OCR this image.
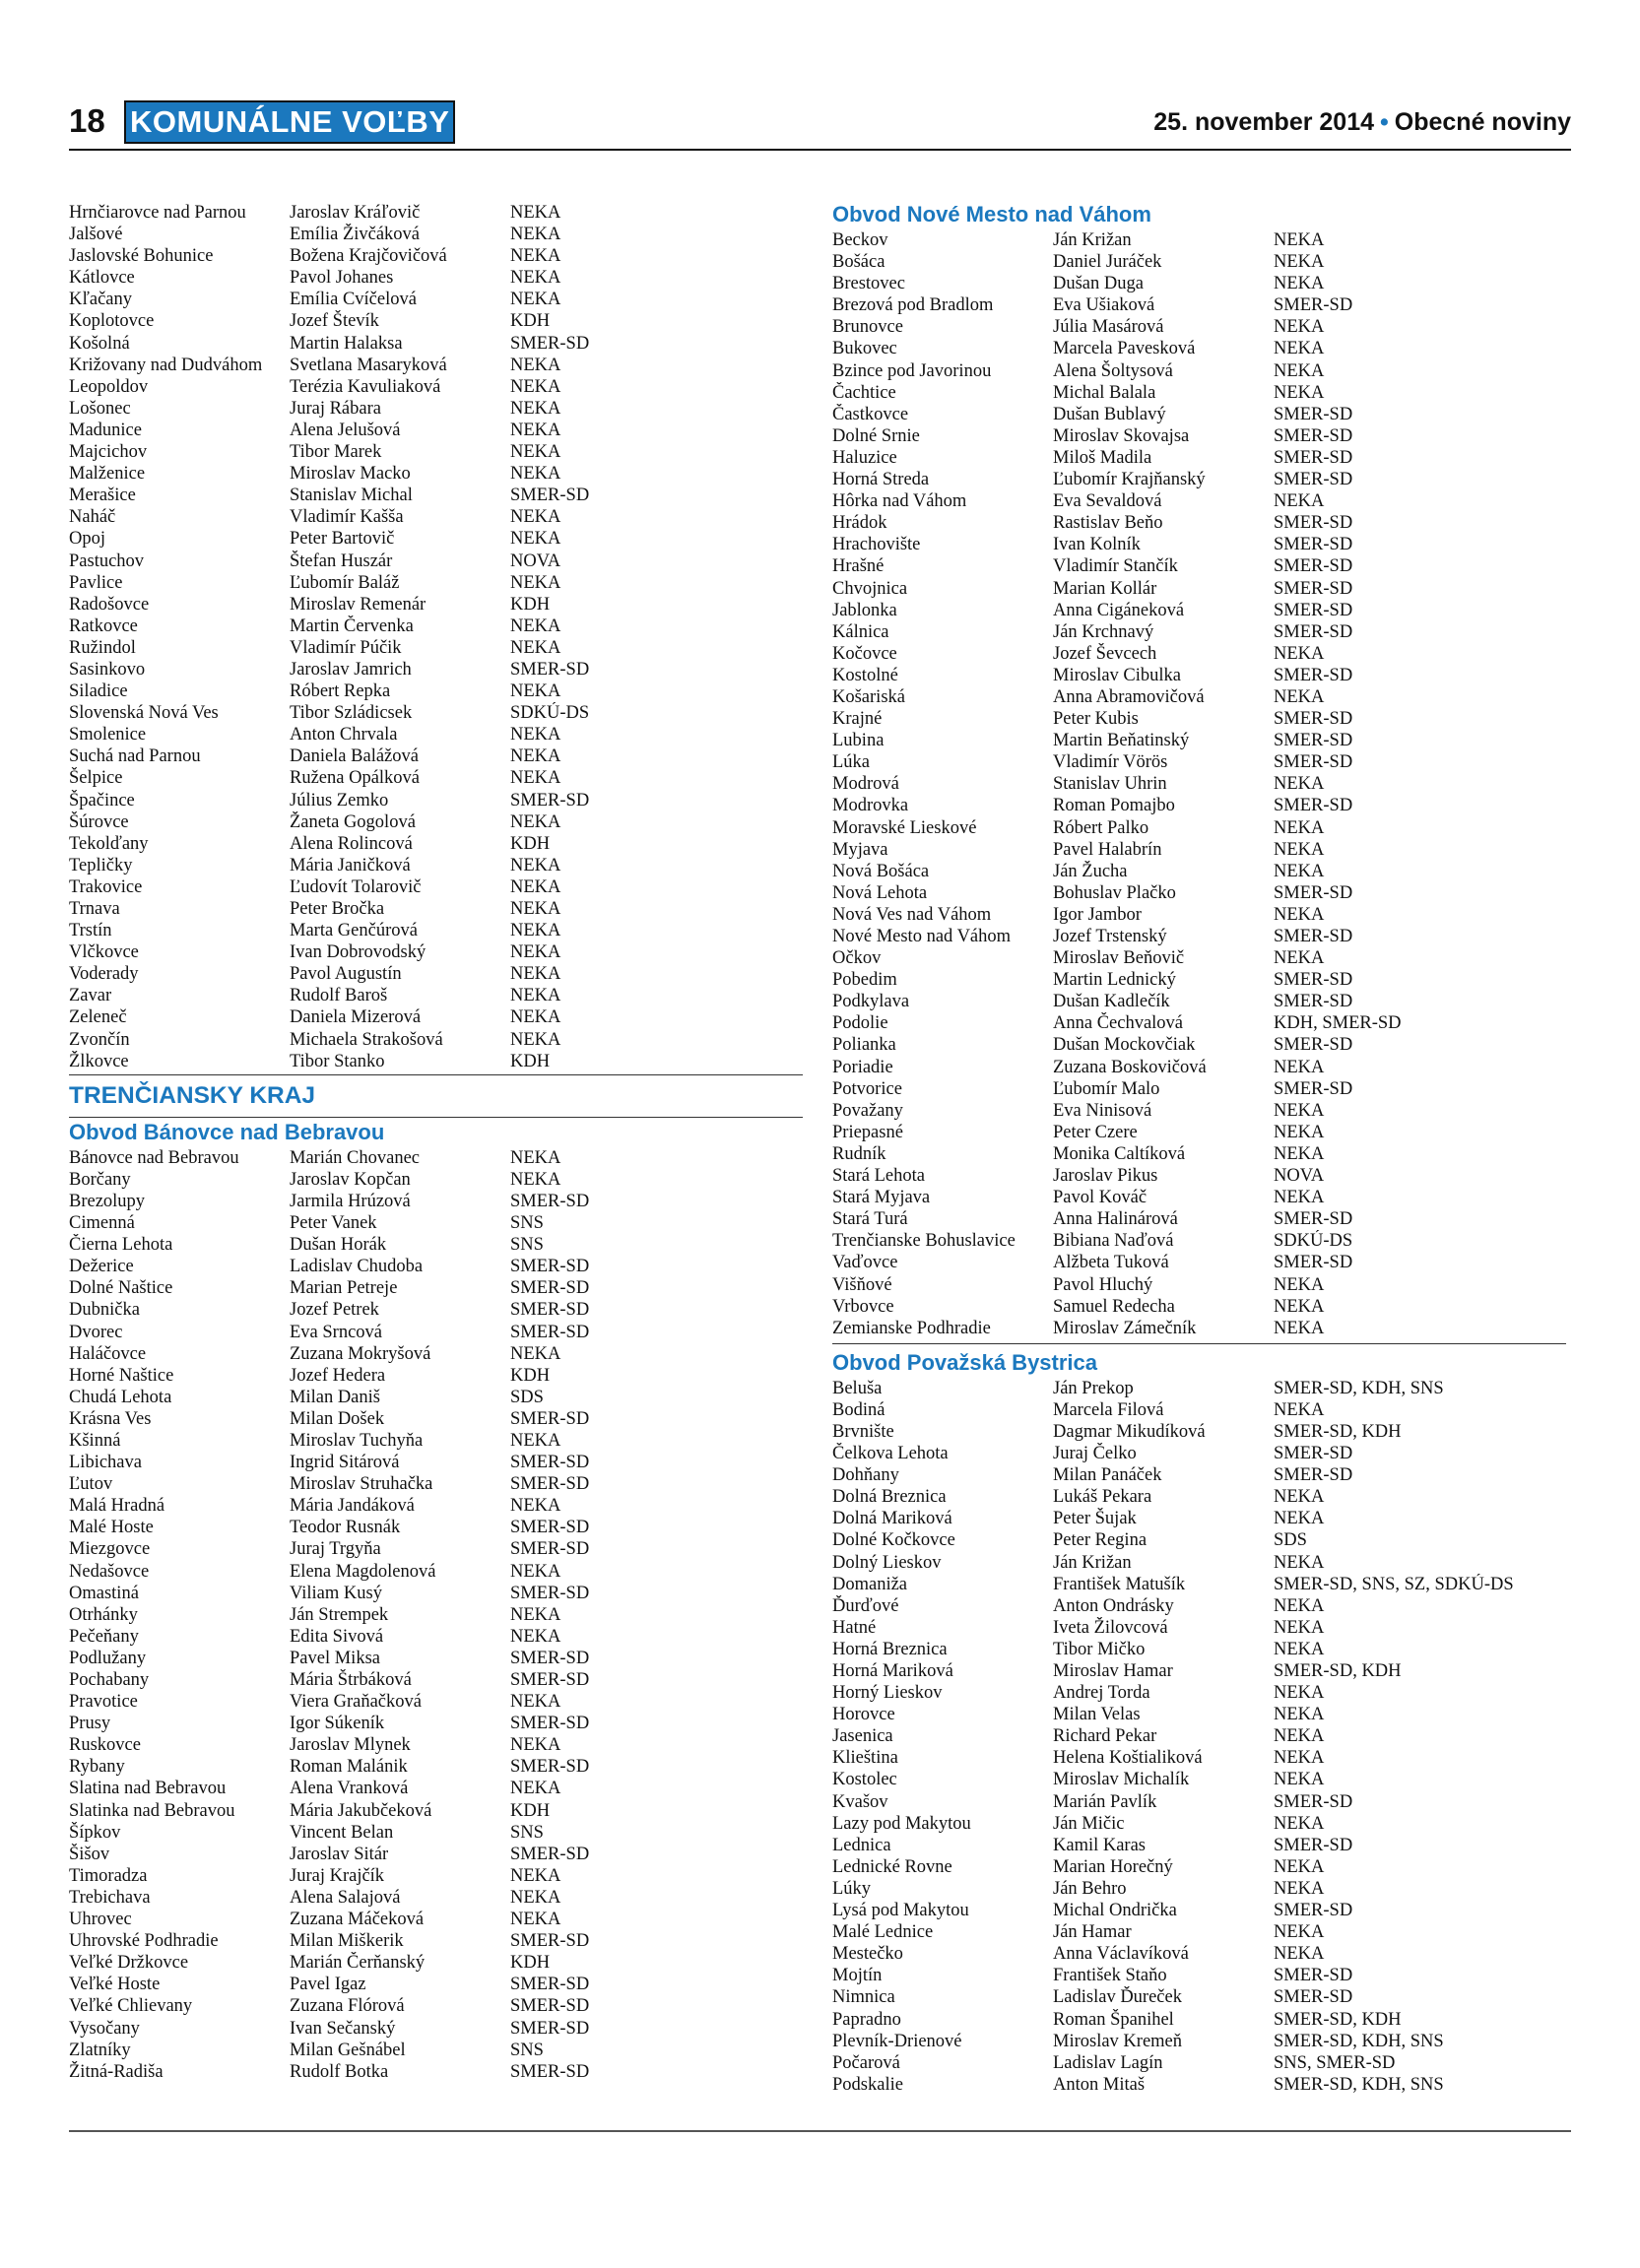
18 KOMUNÁLNE VOĽBY	25. november 2014 • Obecné noviny
Hrnčiarovce nad Parnou	Jaroslav Kráľovič	NEKA
Jalšové	Emília Živčáková	NEKA
Jaslovské Bohunice	Božena Krajčovičová	NEKA
Kátlovce	Pavol Johanes	NEKA
Kľačany	Emília Cvíčelová	NEKA
Koplotovce	Jozef Števík	KDH
Košolná	Martin Halaksa	SMER-SD
Križovany nad Dudváhom	Svetlana Masaryková	NEKA
Leopoldov	Terézia Kavuliaková	NEKA
Lošonec	Juraj Rábara	NEKA
Madunice	Alena Jelušová	NEKA
Majcichov	Tibor Marek	NEKA
Malženice	Miroslav Macko	NEKA
Merašice	Stanislav Michal	SMER-SD
Naháč	Vladimír Kašša	NEKA
Opoj	Peter Bartovič	NEKA
Pastuchov	Štefan Huszár	NOVA
Pavlice	Ľubomír Baláž	NEKA
Radošovce	Miroslav Remenár	KDH
Ratkovce	Martin Červenka	NEKA
Ružindol	Vladimír Púčik	NEKA
Sasinkovo	Jaroslav Jamrich	SMER-SD
Siladice	Róbert Repka	NEKA
Slovenská Nová Ves	Tibor Szládicsek	SDKÚ-DS
Smolenice	Anton Chrvala	NEKA
Suchá nad Parnou	Daniela Balážová	NEKA
Šelpice	Ružena Opálková	NEKA
Špačince	Július Zemko	SMER-SD
Šúrovce	Žaneta Gogolová	NEKA
Tekolďany	Alena Rolincová	KDH
Tepličky	Mária Janičková	NEKA
Trakovice	Ľudovít Tolarovič	NEKA
Trnava	Peter Bročka	NEKA
Trstín	Marta Genčúrová	NEKA
Vlčkovce	Ivan Dobrovodský	NEKA
Voderady	Pavol Augustín	NEKA
Zavar	Rudolf Baroš	NEKA
Zeleneč	Daniela Mizerová	NEKA
Zvončín	Michaela Strakošová	NEKA
Žlkovce	Tibor Stanko	KDH
TRENČIANSKY KRAJ
Obvod Bánovce nad Bebravou
Bánovce nad Bebravou	Marián Chovanec	NEKA
Borčany	Jaroslav Kopčan	NEKA
Brezolupy	Jarmila Hrúzová	SMER-SD
Cimenná	Peter Vanek	SNS
Čierna Lehota	Dušan Horák	SNS
Dežerice	Ladislav Chudoba	SMER-SD
Dolné Naštice	Marian Petreje	SMER-SD
Dubnička	Jozef Petrek	SMER-SD
Dvorec	Eva Srncová	SMER-SD
Haláčovce	Zuzana Mokryšová	NEKA
Horné Naštice	Jozef Hedera	KDH
Chudá Lehota	Milan Daniš	SDS
Krásna Ves	Milan Došek	SMER-SD
Kšinná	Miroslav Tuchyňa	NEKA
Libichava	Ingrid Sitárová	SMER-SD
Ľutov	Miroslav Struhačka	SMER-SD
Malá Hradná	Mária Jandáková	NEKA
Malé Hoste	Teodor Rusnák	SMER-SD
Miezgovce	Juraj Trgyňa	SMER-SD
Nedašovce	Elena Magdolenová	NEKA
Omastiná	Viliam Kusý	SMER-SD
Otrhánky	Ján Strempek	NEKA
Pečeňany	Edita Sivová	NEKA
Podlužany	Pavel Miksa	SMER-SD
Pochabany	Mária Štrbáková	SMER-SD
Pravotice	Viera Graňačková	NEKA
Prusy	Igor Súkeník	SMER-SD
Ruskovce	Jaroslav Mlynek	NEKA
Rybany	Roman Malánik	SMER-SD
Slatina nad Bebravou	Alena Vranková	NEKA
Slatinka nad Bebravou	Mária Jakubčeková	KDH
Šípkov	Vincent Belan	SNS
Šišov	Jaroslav Sitár	SMER-SD
Timoradza	Juraj Krajčík	NEKA
Trebichava	Alena Salajová	NEKA
Uhrovec	Zuzana Máčeková	NEKA
Uhrovské Podhradie	Milan Miškerik	SMER-SD
Veľké Držkovce	Marián Čerňanský	KDH
Veľké Hoste	Pavel Igaz	SMER-SD
Veľké Chlievany	Zuzana Flórová	SMER-SD
Vysočany	Ivan Sečanský	SMER-SD
Zlatníky	Milan Gešnábel	SNS
Žitná-Radiša	Rudolf Botka	SMER-SD
Obvod Nové Mesto nad Váhom
Beckov	Ján Križan	NEKA
Bošáca	Daniel Juráček	NEKA
Brestovec	Dušan Duga	NEKA
Brezová pod Bradlom	Eva Ušiaková	SMER-SD
Brunovce	Júlia Masárová	NEKA
Bukovec	Marcela Pavesková	NEKA
Bzince pod Javorinou	Alena Šoltysová	NEKA
Čachtice	Michal Balala	NEKA
Častkovce	Dušan Bublavý	SMER-SD
Dolné Srnie	Miroslav Skovajsa	SMER-SD
Haluzice	Miloš Madila	SMER-SD
Horná Streda	Ľubomír Krajňanský	SMER-SD
Hôrka nad Váhom	Eva Sevaldová	NEKA
Hrádok	Rastislav Beňo	SMER-SD
Hrachovište	Ivan Kolník	SMER-SD
Hrašné	Vladimír Stančík	SMER-SD
Chvojnica	Marian Kollár	SMER-SD
Jablonka	Anna Cigáneková	SMER-SD
Kálnica	Ján Krchnavý	SMER-SD
Kočovce	Jozef Ševcech	NEKA
Kostolné	Miroslav Cibulka	SMER-SD
Košariská	Anna Abramovičová	NEKA
Krajné	Peter Kubis	SMER-SD
Lubina	Martin Beňatinský	SMER-SD
Lúka	Vladimír Vörös	SMER-SD
Modrová	Stanislav Uhrin	NEKA
Modrovka	Roman Pomajbo	SMER-SD
Moravské Lieskové	Róbert Palko	NEKA
Myjava	Pavel Halabrín	NEKA
Nová Bošáca	Ján Žucha	NEKA
Nová Lehota	Bohuslav Plačko	SMER-SD
Nová Ves nad Váhom	Igor Jambor	NEKA
Nové Mesto nad Váhom	Jozef Trstenský	SMER-SD
Očkov	Miroslav Beňovič	NEKA
Pobedim	Martin Lednický	SMER-SD
Podkylava	Dušan Kadlečík	SMER-SD
Podolie	Anna Čechvalová	KDH, SMER-SD
Polianka	Dušan Mockovčiak	SMER-SD
Poriadie	Zuzana Boskovičová	NEKA
Potvorice	Ľubomír Malo	SMER-SD
Považany	Eva Ninisová	NEKA
Priepasné	Peter Czere	NEKA
Rudník	Monika Caltíková	NEKA
Stará Lehota	Jaroslav Pikus	NOVA
Stará Myjava	Pavol Kováč	NEKA
Stará Turá	Anna Halinárová	SMER-SD
Trenčianske Bohuslavice	Bibiana Naďová	SDKÚ-DS
Vaďovce	Alžbeta Tuková	SMER-SD
Višňové	Pavol Hluchý	NEKA
Vrbovce	Samuel Redecha	NEKA
Zemianske Podhradie	Miroslav Zámečník	NEKA
Obvod Považská Bystrica
Beluša	Ján Prekop	SMER-SD, KDH, SNS
Bodiná	Marcela Filová	NEKA
Brvnište	Dagmar Mikudíková	SMER-SD, KDH
Čelkova Lehota	Juraj Čelko	SMER-SD
Dohňany	Milan Panáček	SMER-SD
Dolná Breznica	Lukáš Pekara	NEKA
Dolná Mariková	Peter Šujak	NEKA
Dolné Kočkovce	Peter Regina	SDS
Dolný Lieskov	Ján Križan	NEKA
Domaniža	František Matušík	SMER-SD, SNS, SZ, SDKÚ-DS
Ďurďové	Anton Ondrásky	NEKA
Hatné	Iveta Žilovcová	NEKA
Horná Breznica	Tibor Mičko	NEKA
Horná Mariková	Miroslav Hamar	SMER-SD, KDH
Horný Lieskov	Andrej Torda	NEKA
Horovce	Milan Velas	NEKA
Jasenica	Richard Pekar	NEKA
Klieština	Helena Koštialiková	NEKA
Kostolec	Miroslav Michalík	NEKA
Kvašov	Marián Pavlík	SMER-SD
Lazy pod Makytou	Ján Mičic	NEKA
Lednica	Kamil Karas	SMER-SD
Lednické Rovne	Marian Horečný	NEKA
Lúky	Ján Behro	NEKA
Lysá pod Makytou	Michal Ondrička	SMER-SD
Malé Lednice	Ján Hamar	NEKA
Mestečko	Anna Václavíková	NEKA
Mojtín	František Staňo	SMER-SD
Nimnica	Ladislav Ďureček	SMER-SD
Papradno	Roman Španihel	SMER-SD, KDH
Plevník-Drienové	Miroslav Kremeň	SMER-SD, KDH, SNS
Počarová	Ladislav Lagín	SNS, SMER-SD
Podskalie	Anton Mitaš	SMER-SD, KDH, SNS
